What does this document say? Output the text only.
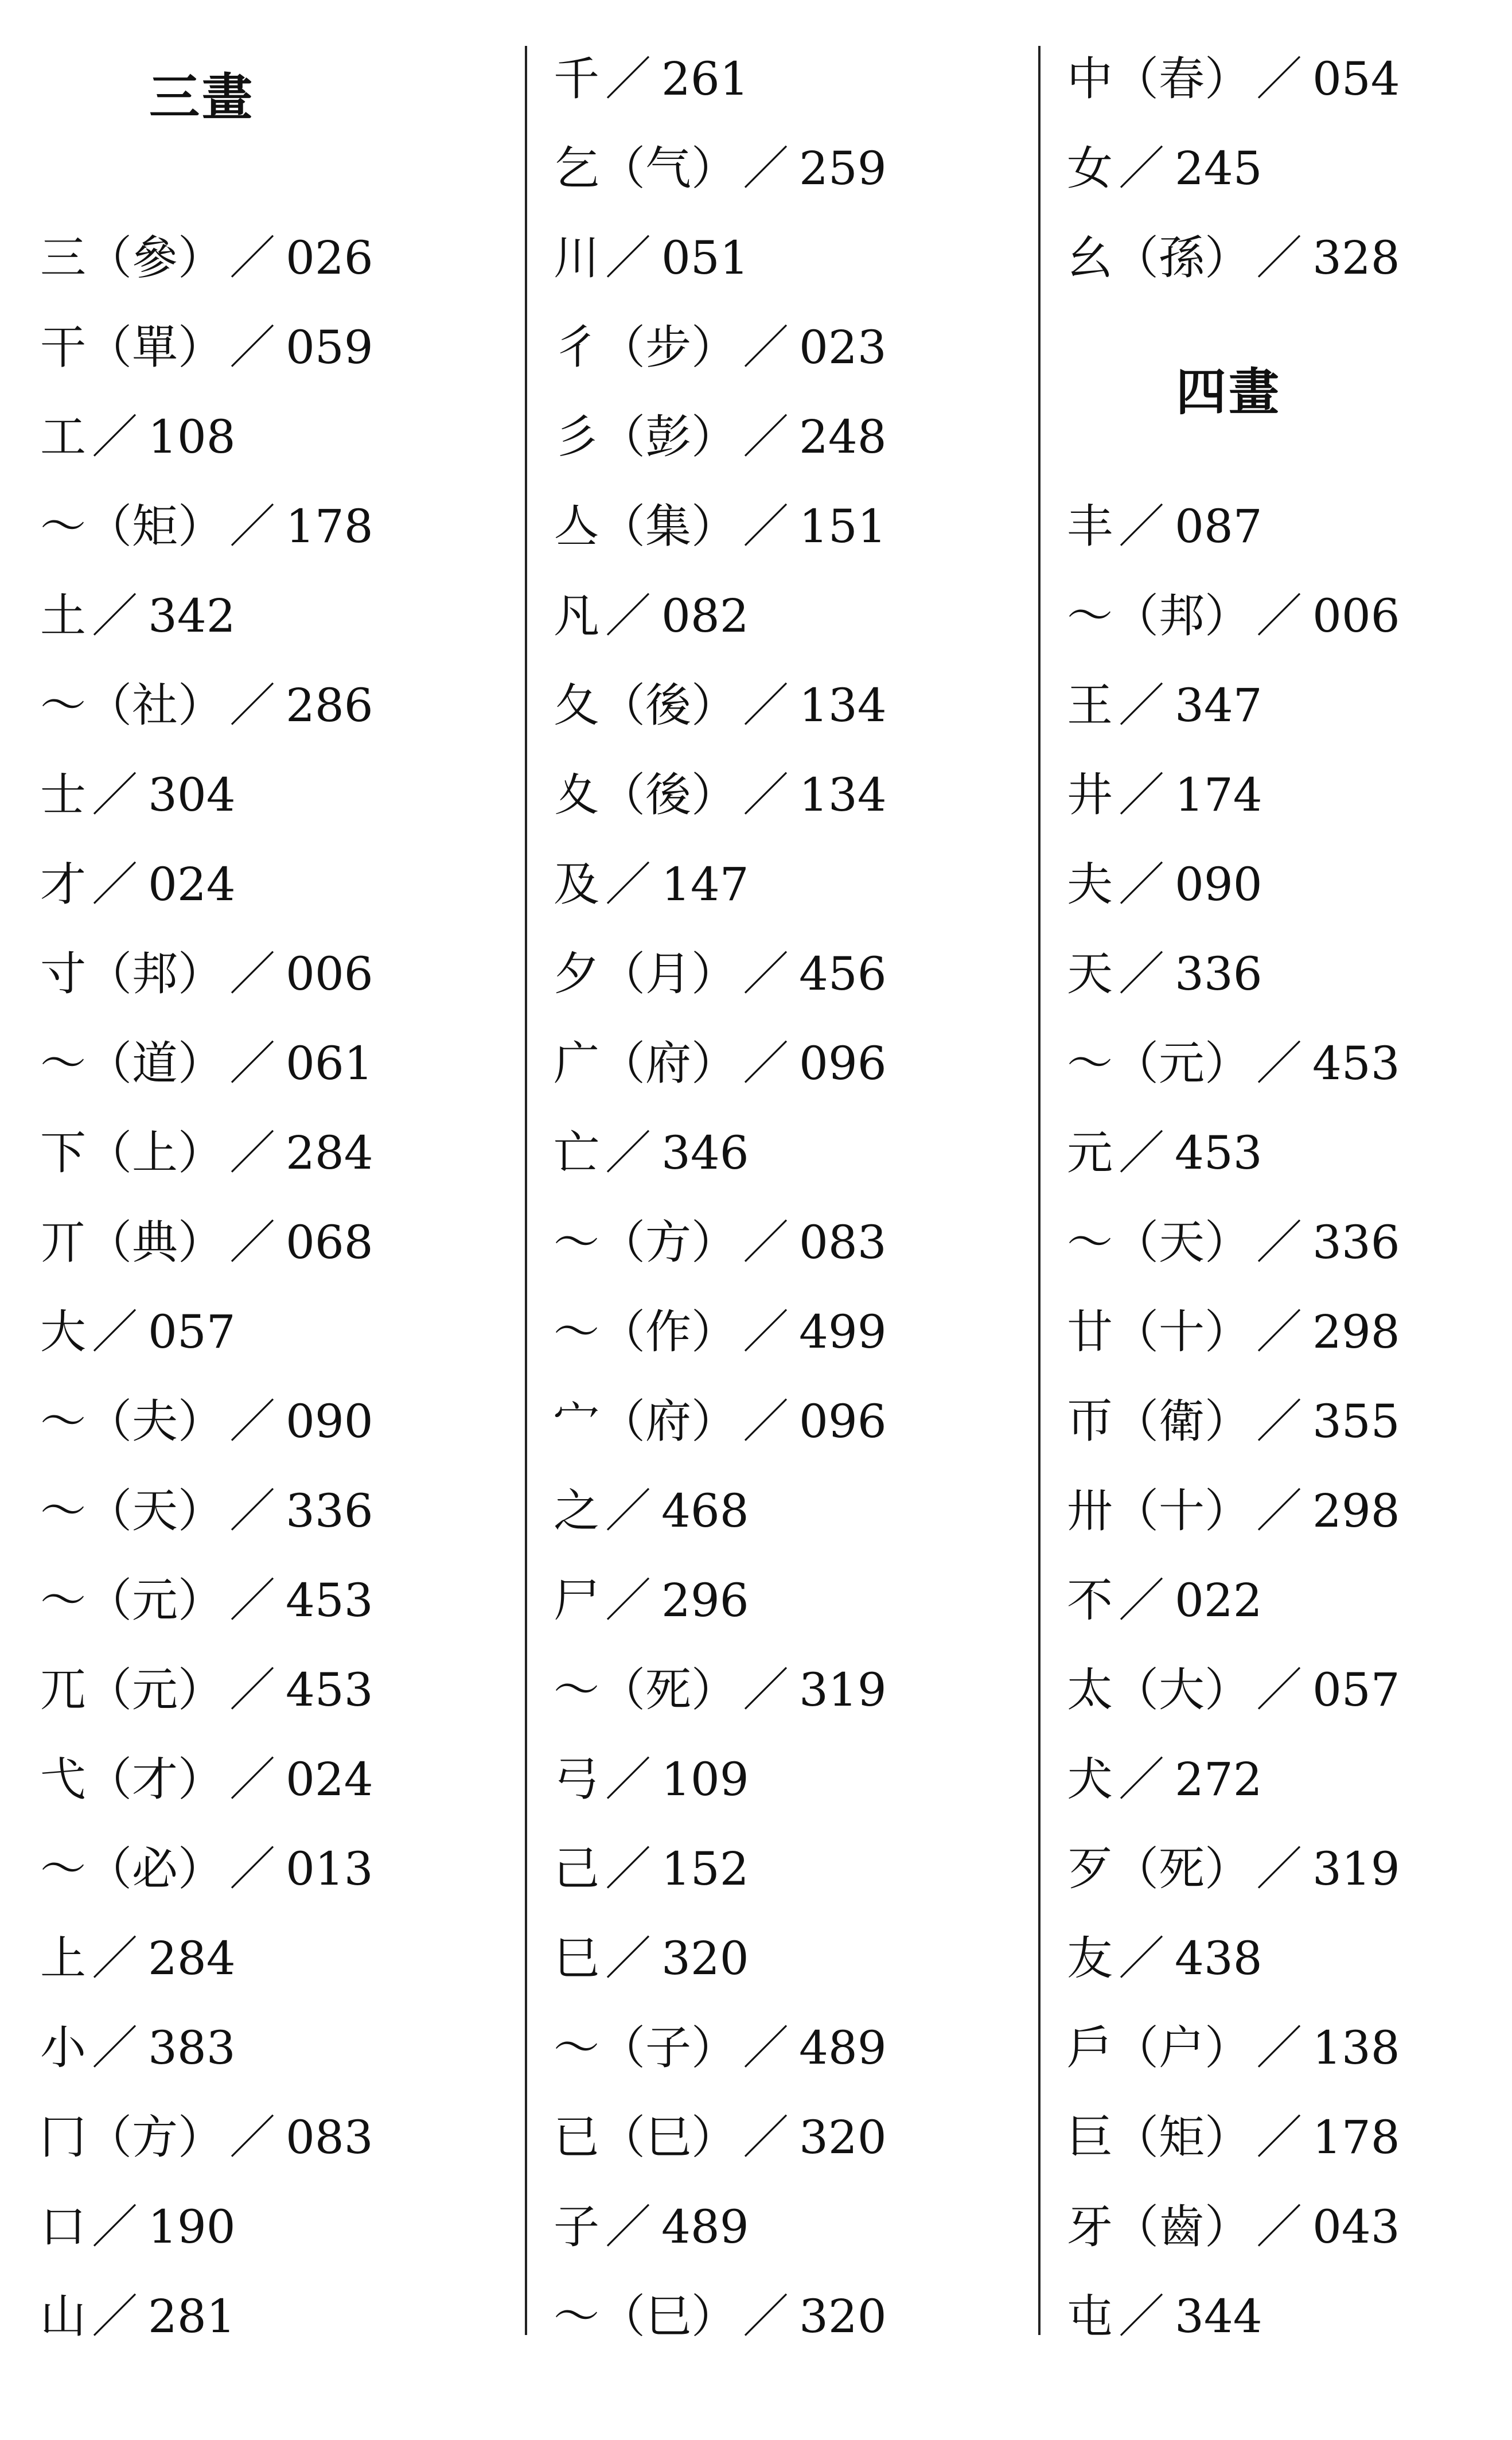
三畫
三（參） ／ 026
干（單） ／ 059
工 ／ 108
～（矩） ／ 178
土 ／ 342
～（社） ／ 286
士 ／ 304
才 ／ 024
寸（邦） ／ 006
～（道） ／ 061
下（上） ／ 284
丌（典） ／ 068
大 ／ 057
～（夫） ／ 090
～（天） ／ 336
～（元） ／ 453
兀（元） ／ 453
弋（才） ／ 024
～（必） ／ 013
上 ／ 284
小 ／ 383
冂（方） ／ 083
口 ／ 190
山 ／ 281
千 ／ 261
乞（气） ／ 259
川 ／ 051
彳（步） ／ 023
彡（彭） ／ 248
亼（集） ／ 151
凡 ／ 082
夂（後） ／ 134
夊（後） ／ 134
及 ／ 147
夕（月） ／ 456
广（府） ／ 096
亡 ／ 346
～（方） ／ 083
～（作） ／ 499
宀（府） ／ 096
之 ／ 468
尸 ／ 296
～（死） ／ 319
弓 ／ 109
己 ／ 152
巳 ／ 320
～（子） ／ 489
已（巳） ／ 320
子 ／ 489
～（巳） ／ 320
中（春） ／ 054
女 ／ 245
幺（孫） ／ 328
四畫
丰 ／ 087
～（邦） ／ 006
王 ／ 347
井 ／ 174
夫 ／ 090
天 ／ 336
～（元） ／ 453
元 ／ 453
～（天） ／ 336
廿（十） ／ 298
帀（衛） ／ 355
卅（十） ／ 298
不 ／ 022
太（大） ／ 057
犬 ／ 272
歹（死） ／ 319
友 ／ 438
戶（户） ／ 138
巨（矩） ／ 178
牙（齒） ／ 043
屯 ／ 344
